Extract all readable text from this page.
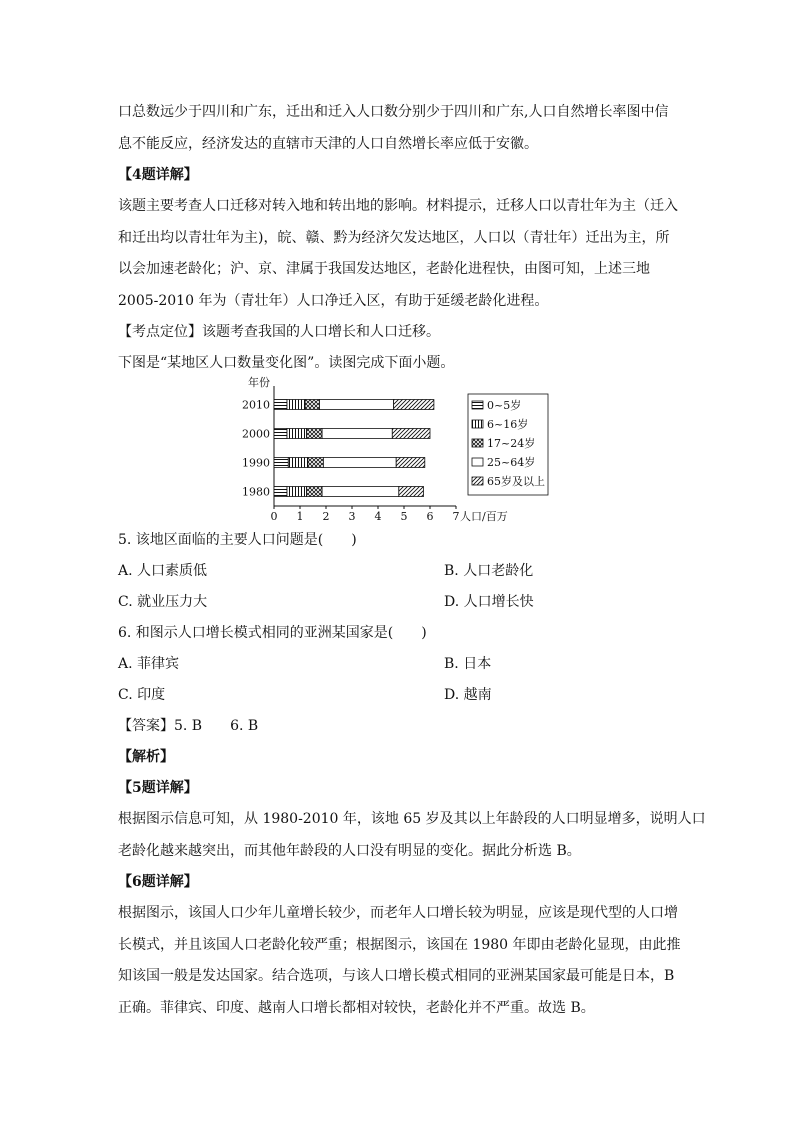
口总数远少于四川和广东，迁出和迁入人口数分别少于四川和广东,人口自然增长率图中信
息不能反应，经济发达的直辖市天津的人口自然增长率应低于安徽。

【4题详解】

该题主要考查人口迁移对转入地和转出地的影响。材料提示，迁移人口以青壮年为主（迁入
和迁出均以青壮年为主)，皖、赣、黔为经济欠发达地区，人口以（青壮年）迁出为主，所
以会加速老龄化；沪、京、津属于我国发达地区，老龄化进程快，由图可知，上述三地
2005-2010 年为（青壮年）人口净迁入区，有助于延缓老龄化进程。

【考点定位】该题考查我国的人口增长和人口迁移。

下图是“某地区人口数量变化图”。读图完成下面小题。

年份
0 1 2 3 4 5 6 7 人口/百万
2010
2000
1990
1980
0~5岁
6~16岁
17~24岁
25~64岁
65岁及以上

5. 该地区面临的主要人口问题是(　　)

A. 人口素质低	B. 人口老龄化
C. 就业压力大	D. 人口增长快

6. 和图示人口增长模式相同的亚洲某国家是(　　)

A. 菲律宾	B. 日本
C. 印度	D. 越南

【答案】5. B　　6. B

【解析】

【5题详解】

根据图示信息可知，从 1980-2010 年，该地 65 岁及其以上年龄段的人口明显增多，说明人口
老龄化越来越突出，而其他年龄段的人口没有明显的变化。据此分析选 B。

【6题详解】

根据图示，该国人口少年儿童增长较少，而老年人口增长较为明显，应该是现代型的人口增
长模式，并且该国人口老龄化较严重；根据图示，该国在 1980 年即由老龄化显现，由此推
知该国一般是发达国家。结合选项，与该人口增长模式相同的亚洲某国家最可能是日本，B
正确。菲律宾、印度、越南人口增长都相对较快，老龄化并不严重。故选 B。
